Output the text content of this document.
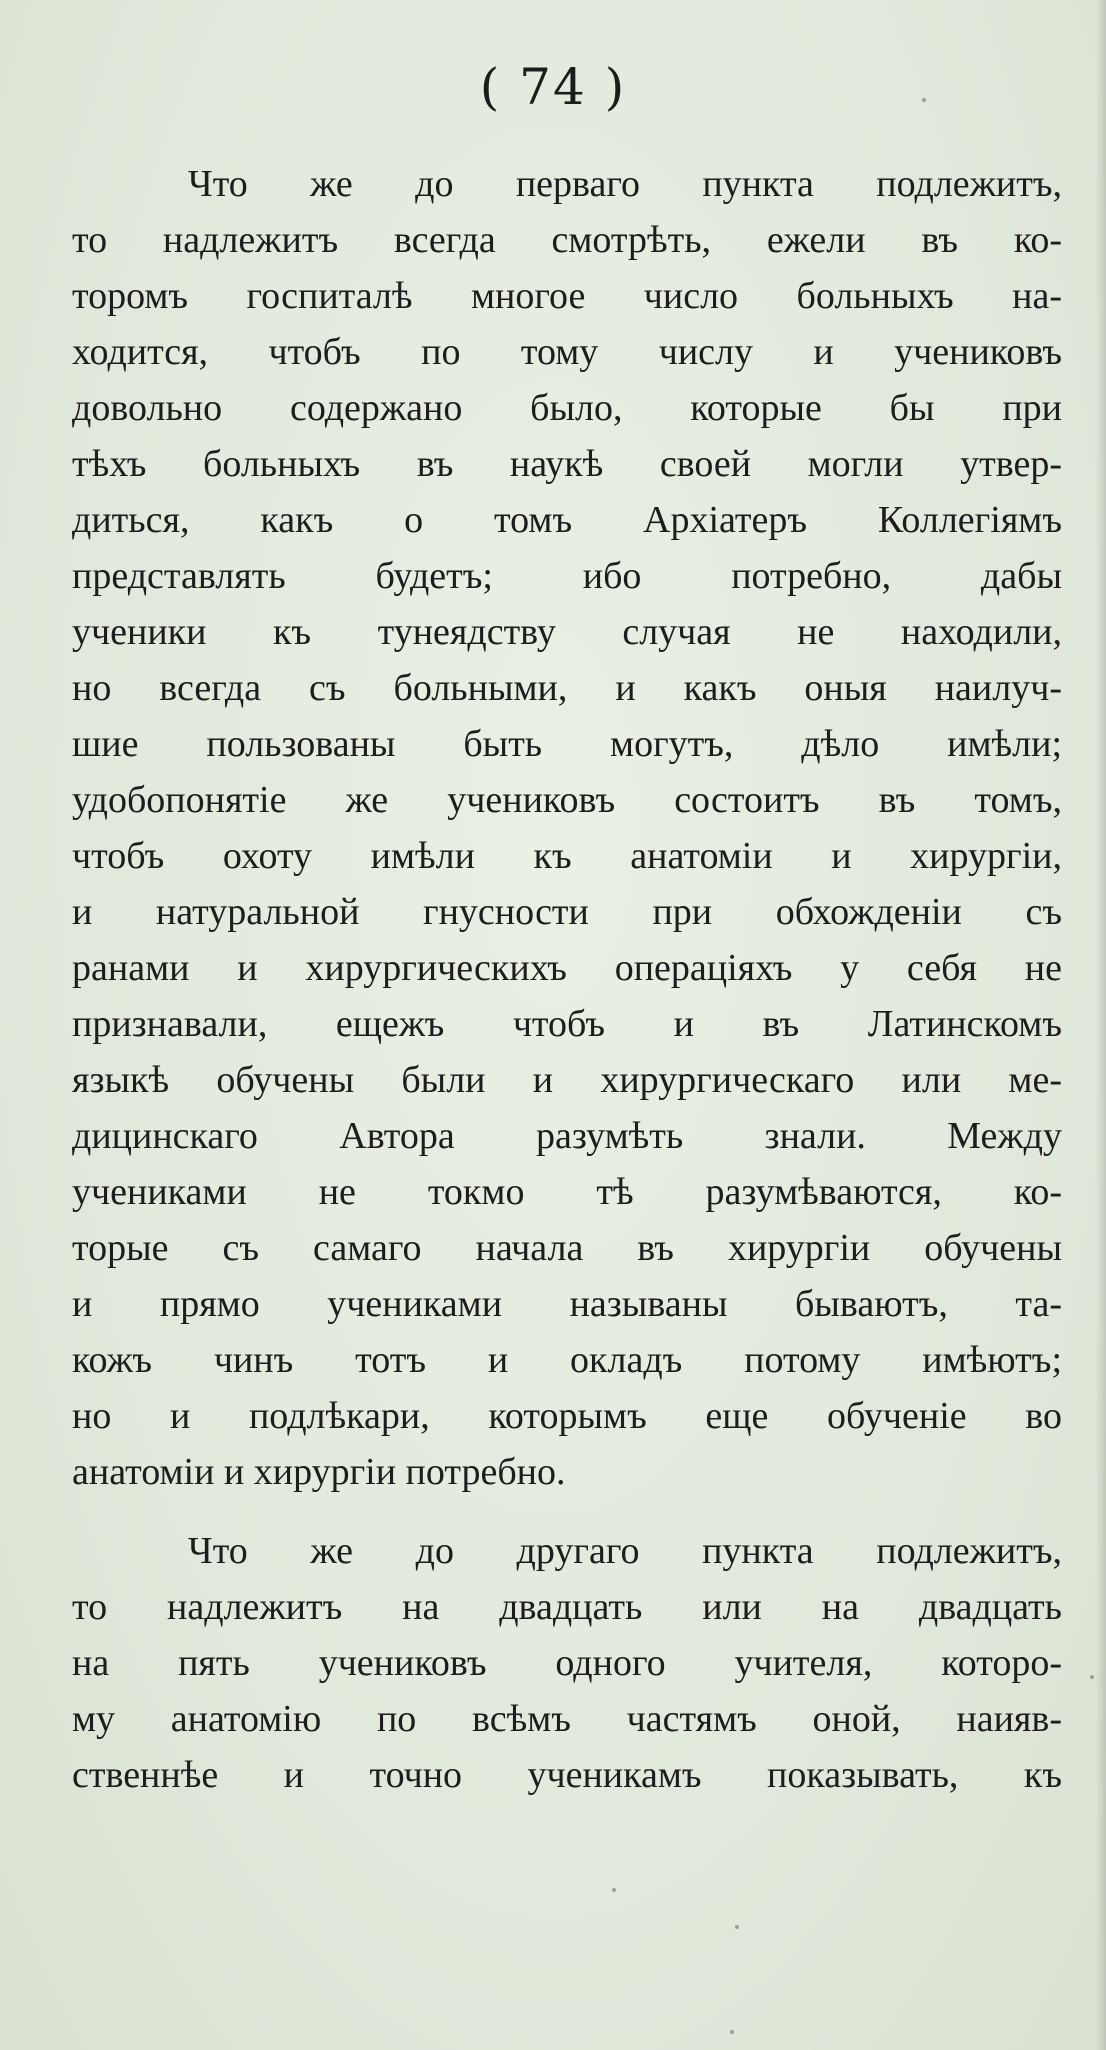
( 74 )
Что же до перваго пункта подлежитъ,
то надлежитъ всегда смотрѣть, ежели въ ко-
торомъ госпиталѣ многое число больныхъ на-
ходится, чтобъ по тому числу и учениковъ
довольно содержано было, которые бы при
тѣхъ больныхъ въ наукѣ своей могли утвер-
диться, какъ о томъ Архіатеръ Коллегіямъ
представлять будетъ; ибо потребно, дабы
ученики къ тунеядству случая не находили,
но всегда съ больными, и какъ оныя наилуч-
шие пользованы быть могутъ, дѣло имѣли;
удобопонятіе же учениковъ состоитъ въ томъ,
чтобъ охоту имѣли къ анатоміи и хирургіи,
и натуральной гнусности при обхожденіи съ
ранами и хирургическихъ операціяхъ у себя не
признавали, ещежъ чтобъ и въ Латинскомъ
языкѣ обучены были и хирургическаго или ме-
дицинскаго Автора разумѣть знали. Между
учениками не токмо тѣ разумѣваются, ко-
торые съ самаго начала въ хирургіи обучены
и прямо учениками называны бываютъ, та-
кожъ чинъ тотъ и окладъ потому имѣютъ;
но и подлѣкари, которымъ еще обученіе во
анатоміи и хирургіи потребно.
Что же до другаго пункта подлежитъ,
то надлежитъ на двадцать или на двадцать
на пять учениковъ одного учителя, которо-
му анатомію по всѣмъ частямъ оной, наияв-
ственнѣе и точно ученикамъ показывать, къ
